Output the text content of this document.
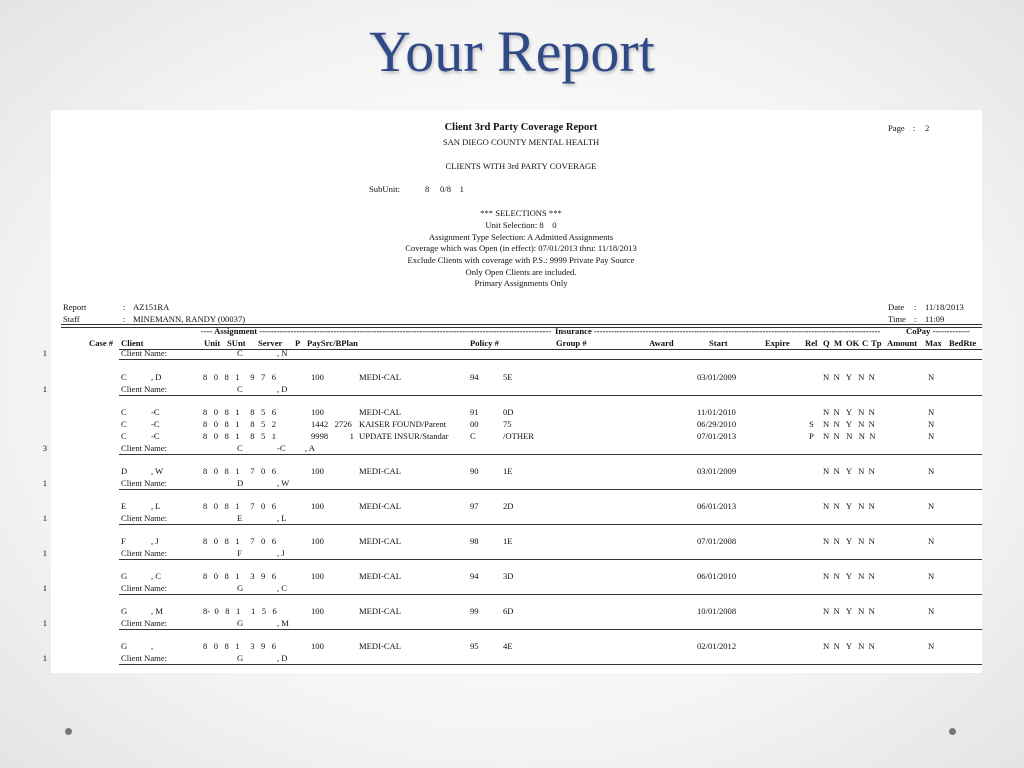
Your Report
Client 3rd Party Coverage Report
SAN DIEGO COUNTY MENTAL HEALTH
CLIENTS WITH 3rd PARTY COVERAGE
Page : 2
SubUnit:	8     0/8    1
*** SELECTIONS ***
Unit Selection: 8    0
Assignment Type Selection: A Admitted Assignments
Coverage which was Open (in effect): 07/01/2013 thru: 11/18/2013
Exclude Clients with coverage with P.S.: 9999 Private Pay Source
Only Open Clients are included.
Primary Assignments Only
Report	: AZ151RA
Staff	: MINEMANN, RANDY (00037)
Date : 11/18/2013
Time : 11:09
---- Assignment ------------------------------------------------------------------------------------------------------ Insurance ----------------------------------------------------------------------------------------------------	CoPay -------------
Case # Client	Unit SUnt Server P PaySrc/BPlan	Policy #	Group #	Award	Start	Expire Rel Q M OK C Tp Amount Max BedRte
Client Name:	C	, N
1
C	, D	8   0   8   1     9   7   6	100	MEDI-CAL	94	5E	03/01/2009	N  N   Y   N  N	N
Client Name:	C	, D
1
C	-C	8   0   8   1     8   5   6	100	MEDI-CAL	91	0D	11/01/2010	N  N   Y   N  N	N
C	-C	8   0   8   1     8   5   2	1442   2726 KAISER FOUND/Parent	00	75	06/29/2010	S N  N   Y   N  N	N
C	-C	8   0   8   1     8   5   1	9998          1 UPDATE INSUR/Standar C	/OTHER	07/01/2013	P N  N   N   N  N	N
Client Name:	C	-C         , A
3
D	, W	8   0   8   1     7   0   6	100	MEDI-CAL	90	1E	03/01/2009	N  N   Y   N  N	N
Client Name:	D	, W
1
E	, L	8   0   8   1     7   0   6	100	MEDI-CAL	97	2D	06/01/2013	N  N   Y   N  N	N
Client Name:	E	, L
1
F	, J	8   0   8   1     7   0   6	100	MEDI-CAL	98	1E	07/01/2008	N  N   Y   N  N	N
Client Name:	F	, J
1
G	, C	8   0   8   1     3   9   6	100	MEDI-CAL	94	3D	06/01/2010	N  N   Y   N  N	N
Client Name:	G	, C
1
G	, M	8-  0   8   1     1   5   6	100	MEDI-CAL	99	6D	10/01/2008	N  N   Y   N  N	N
Client Name:	G	, M
1
G	,	8   0   8   1     3   9   6	100	MEDI-CAL	95	4E	02/01/2012	N  N   Y   N  N	N
Client Name:	G	, D
1
